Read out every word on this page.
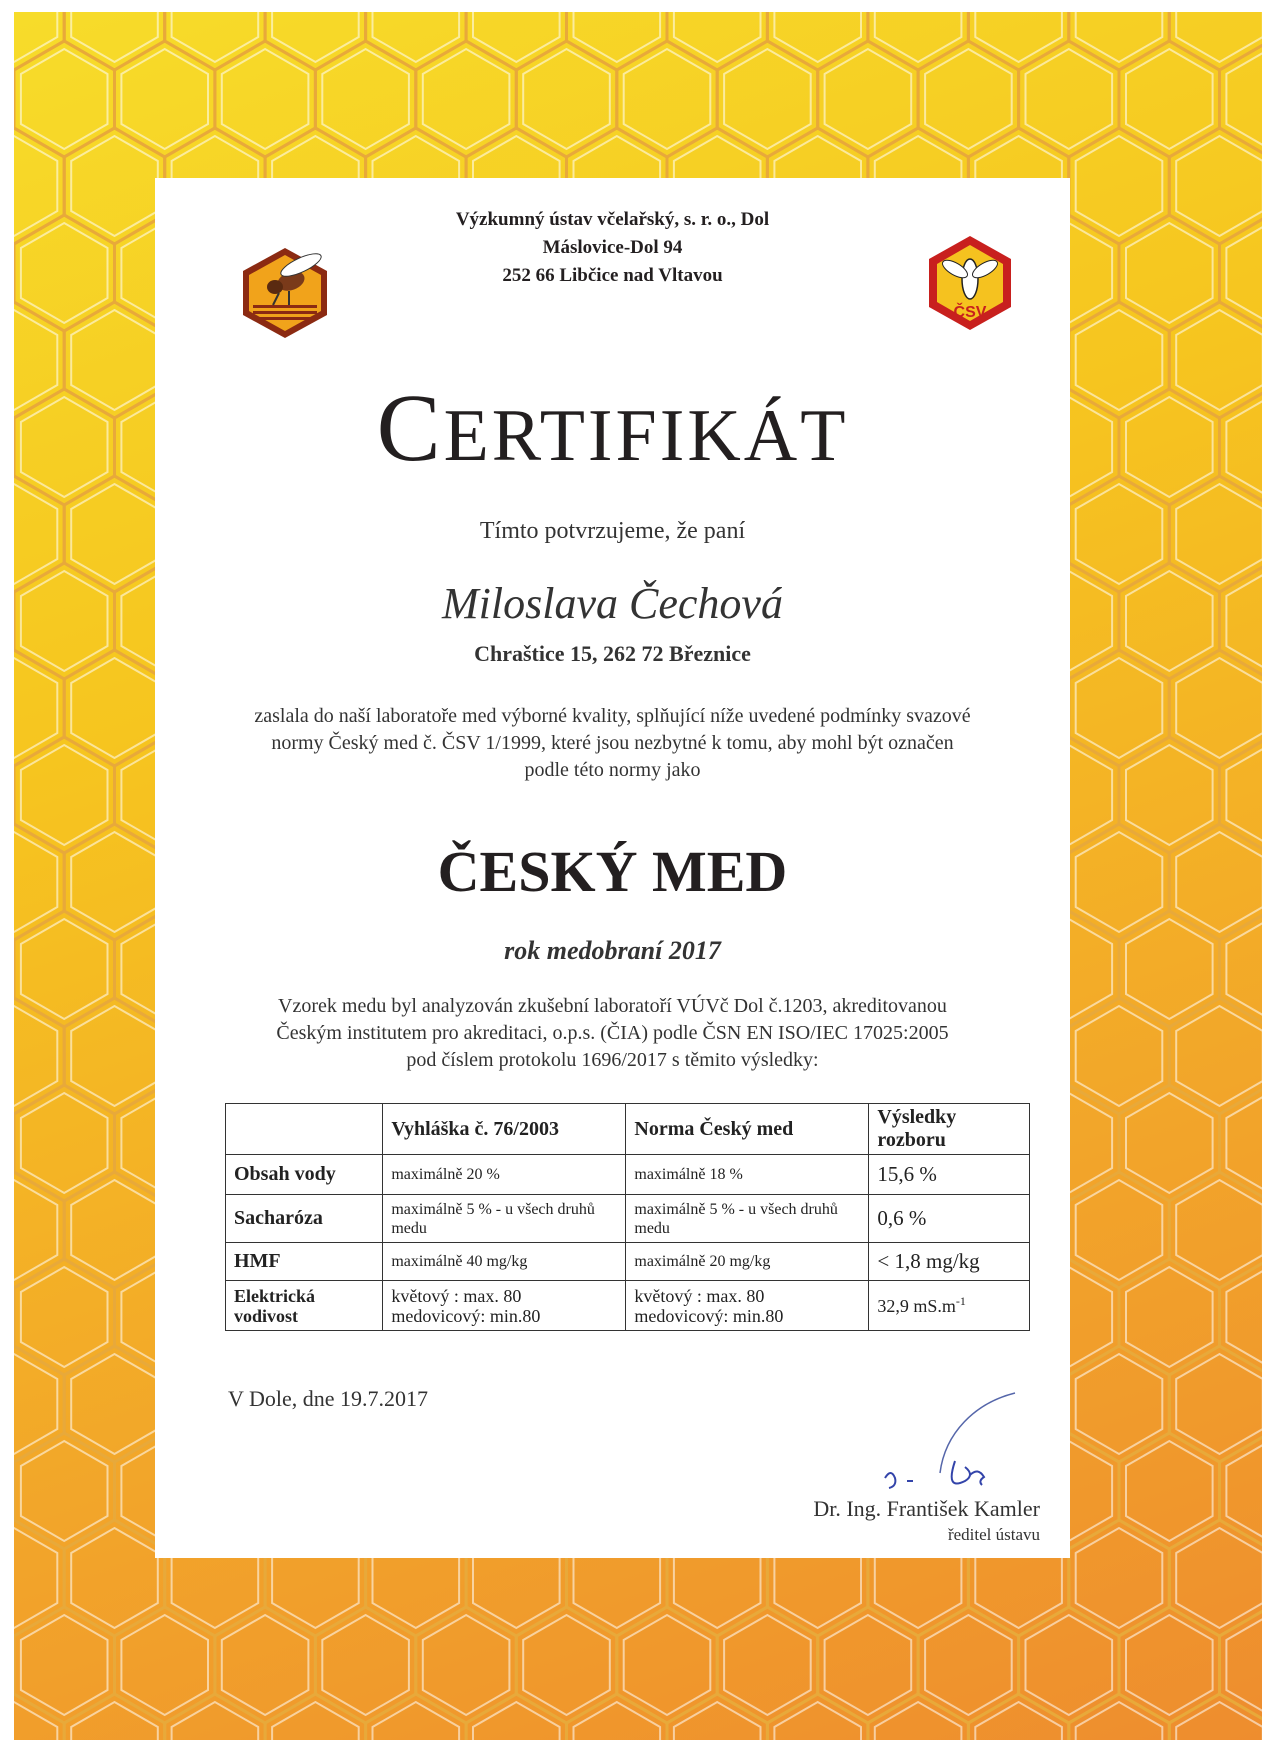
Výzkumný ústav včelařský, s. r. o., Dol
Máslovice-Dol 94
252 66 Libčice nad Vltavou
ČSV
CERTIFIKÁT
Tímto potvrzujeme, že paní
Miloslava Čechová
Chraštice 15, 262 72 Březnice
zaslala do naší laboratoře med výborné kvality, splňující níže uvedené podmínky svazové
normy Český med č. ČSV 1/1999, které jsou nezbytné k tomu, aby mohl být označen
podle této normy jako
ČESKÝ MED
rok medobraní 2017
Vzorek medu byl analyzován zkušební laboratoří VÚVč Dol č.1203, akreditovanou
Českým institutem pro akreditaci, o.p.s. (ČIA) podle ČSN EN ISO/IEC 17025:2005
pod číslem protokolu 1696/2017 s těmito výsledky:
	Vyhláška č. 76/2003	Norma Český med	Výsledky rozboru
Obsah vody	maximálně 20 %	maximálně 18 %	15,6 %
Sacharóza	maximálně 5 % - u všech druhů medu	maximálně 5 % - u všech druhů medu	0,6 %
HMF	maximálně 40 mg/kg	maximálně 20 mg/kg	< 1,8 mg/kg
Elektrická vodivost	květový : max. 80 medovicový: min.80	květový : max. 80 medovicový: min.80	32,9 $mS.m^{-1}$
V Dole, dne 19.7.2017
Dr. Ing. František Kamler
ředitel ústavu
